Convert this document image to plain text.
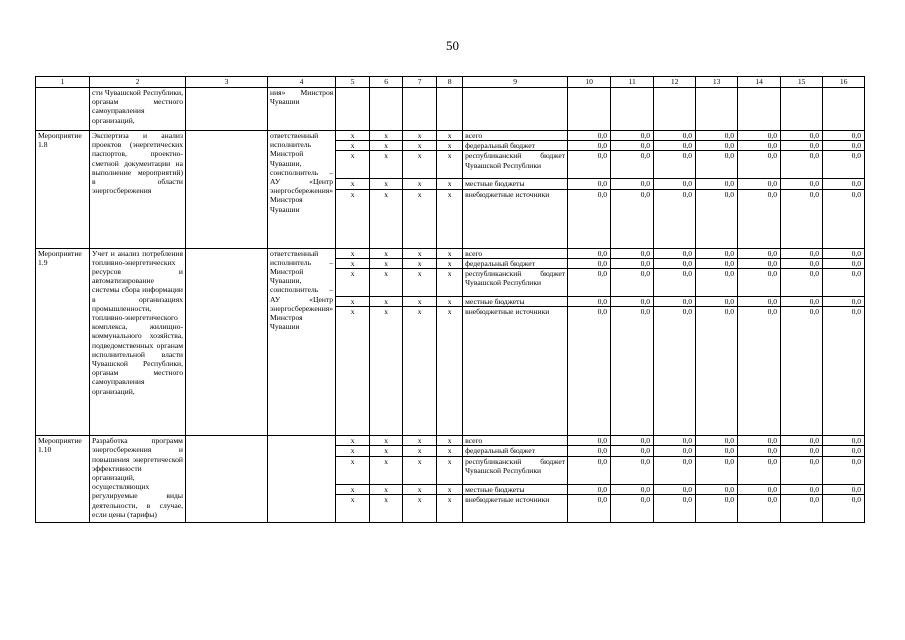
50
1	2	3	4	5	6	7	8	9	10	11	12	13	14	15	16
	сти Чувашской Республики, органам местного самоуправления организаций,		ния» Минстроя Чувашии												
Мероприятие 1.8	Экспертиза и анализ проектов (энергетических паспортов, проектно-сметной документации на выполнение мероприятий) в области энергосбережения		ответственный исполнитель Минстрой Чувашии, соисполнитель – АУ «Центр энергосбережения» Минстроя Чувашии	х	х	х	х	всего	0,0	0,0	0,0	0,0	0,0	0,0	0,0
				х	х	х	х	федеральный бюджет	0,0	0,0	0,0	0,0	0,0	0,0	0,0
				х	х	х	х	республиканский бюджет Чувашской Республики	0,0	0,0	0,0	0,0	0,0	0,0	0,0
				х	х	х	х	местные бюджеты	0,0	0,0	0,0	0,0	0,0	0,0	0,0
				х	х	х	х	внебюджетные источники	0,0	0,0	0,0	0,0	0,0	0,0	0,0
Мероприятие 1.9	Учет и анализ потребления топливно-энергетических ресурсов и автоматизирование системы сбора информации в организациях промышленности, топливно-энергетического комплекса, жилищно-коммунального хозяйства, подведомственных органам исполнительной власти Чувашской Республики, органам местного самоуправления организаций,		ответственный исполнитель – Минстрой Чувашии, соисполнитель – АУ «Центр энергосбережения» Минстроя Чувашии	х	х	х	х	всего	0,0	0,0	0,0	0,0	0,0	0,0	0,0
				х	х	х	х	федеральный бюджет	0,0	0,0	0,0	0,0	0,0	0,0	0,0
				х	х	х	х	республиканский бюджет Чувашской Республики	0,0	0,0	0,0	0,0	0,0	0,0	0,0
				х	х	х	х	местные бюджеты	0,0	0,0	0,0	0,0	0,0	0,0	0,0
				х	х	х	х	внебюджетные источники	0,0	0,0	0,0	0,0	0,0	0,0	0,0
Мероприятие 1.10	Разработка программ энергосбережения и повышения энергетической эффективности организаций, осуществляющих регулируемые виды деятельности, в случае, если цены (тарифы)			х	х	х	х	всего	0,0	0,0	0,0	0,0	0,0	0,0	0,0
				х	х	х	х	федеральный бюджет	0,0	0,0	0,0	0,0	0,0	0,0	0,0
				х	х	х	х	республиканский бюджет Чувашской Республики	0,0	0,0	0,0	0,0	0,0	0,0	0,0
				х	х	х	х	местные бюджеты	0,0	0,0	0,0	0,0	0,0	0,0	0,0
				х	х	х	х	внебюджетные источники	0,0	0,0	0,0	0,0	0,0	0,0	0,0
